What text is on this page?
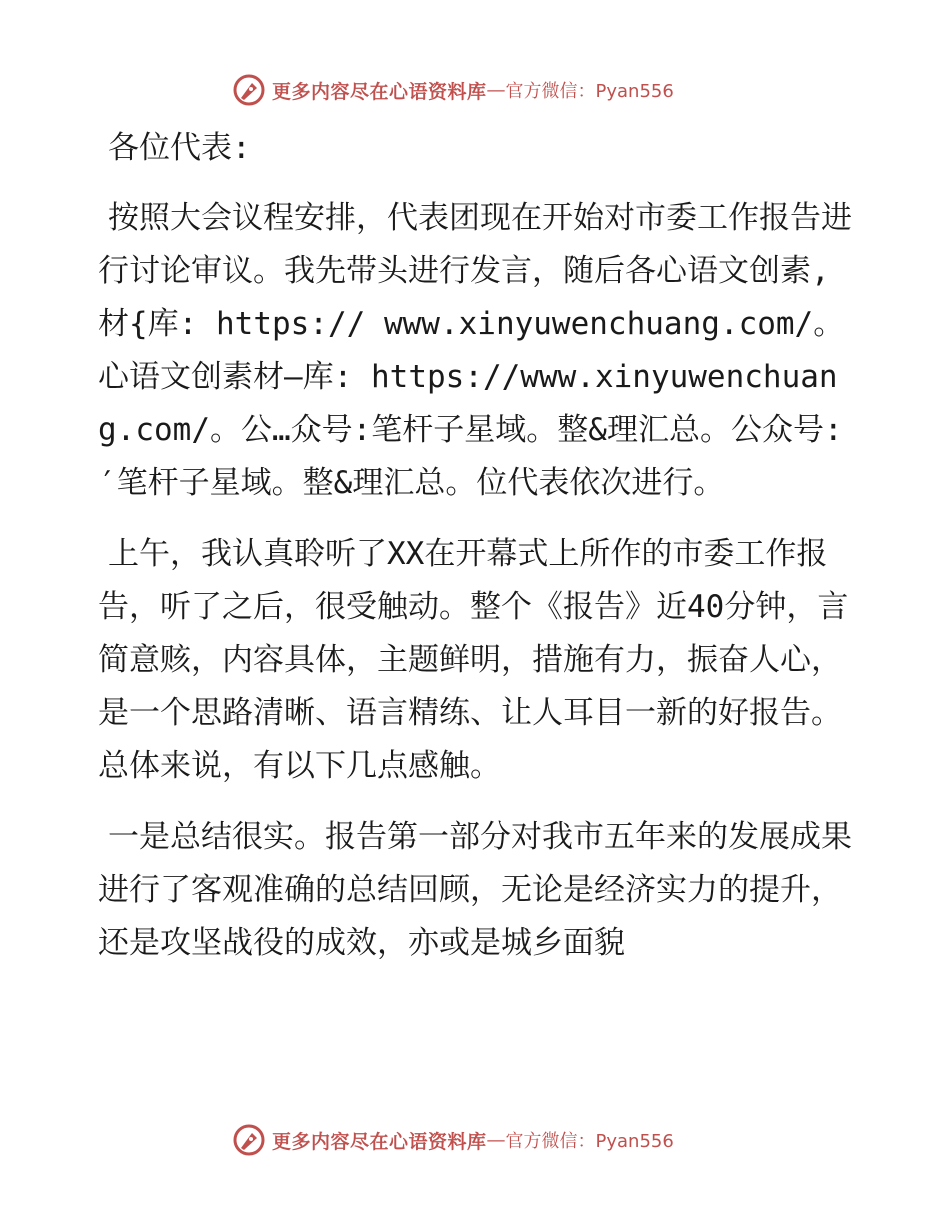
更多内容尽在心语资料库 — 官方微信：Pyan556
各位代表:

按照大会议程安排，代表团现在开始对市委工作报告进行讨论审议。我先带头进行发言，随后各心语文创素,材{库: https:// www.xinyuwenchuang.com/。心语文创素材—库: https://www.xinyuwenchuang.com/。公…众号:笔杆子星域。整&理汇总。公众号:′笔杆子星域。整&理汇总。位代表依次进行。

上午，我认真聆听了XX在开幕式上所作的市委工作报告，听了之后，很受触动。整个《报告》近40分钟，言简意赅，内容具体，主题鲜明，措施有力，振奋人心，是一个思路清晰、语言精练、让人耳目一新的好报告。总体来说，有以下几点感触。

一是总结很实。报告第一部分对我市五年来的发展成果进行了客观准确的总结回顾，无论是经济实力的提升，还是攻坚战役的成效，亦或是城乡面貌

更多内容尽在心语资料库 — 官方微信：Pyan556
